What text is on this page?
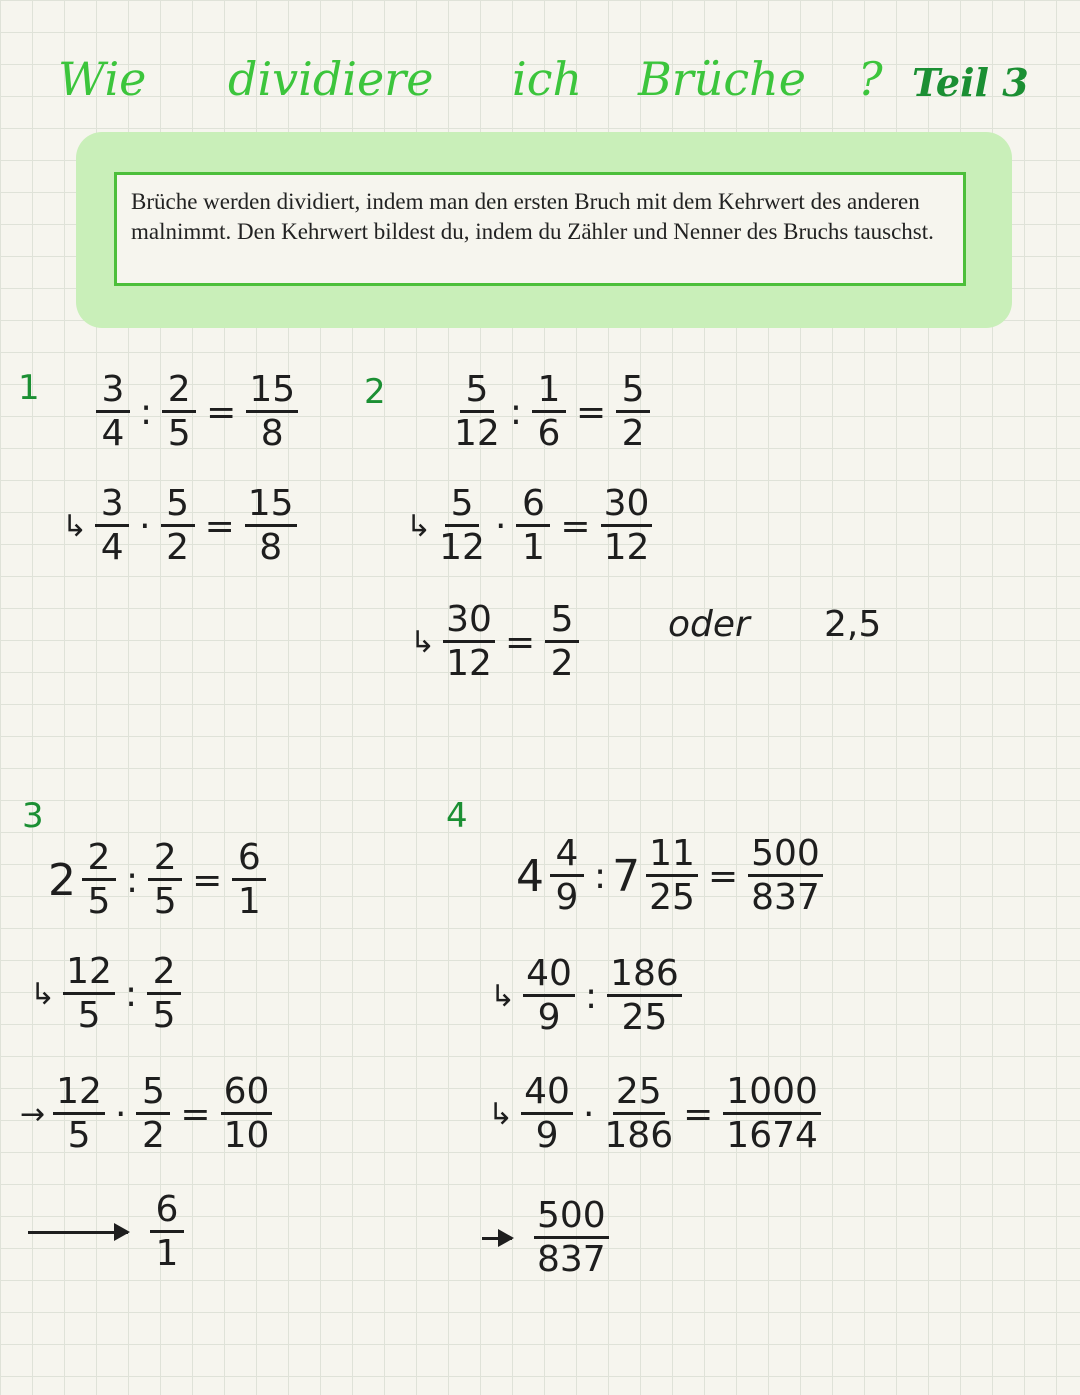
Wie dividiere ich Brüche ? Teil 3
Brüche werden dividiert, indem man den ersten Bruch mit dem Kehrwert des anderen malnimmt. Den Kehrwert bildest du, indem du Zähler und Nenner des Bruchs tauschst.
$1 \frac{3}{4}$ : $\frac{2}{5} = \frac{15}{8}$
↳ $\frac{3}{4} \cdot \frac{5}{2} = \frac{15}{8}$
$2 \frac{5}{12}$ : $\frac{1}{6} = \frac{5}{2}$
↳ $\frac{5}{12} \cdot \frac{6}{1} = \frac{30}{12}$
↳ $\frac{30}{12} = \frac{5}{2}$ oder 2,5
3
$2 \frac{2}{5}$ : $\frac{2}{5} = \frac{6}{1}$
↳ $\frac{12}{5}$ : $\frac{2}{5}$
→ $\frac{12}{5} \cdot \frac{5}{2} = \frac{60}{10}$
$\frac{6}{1}$
4
$4 \frac{4}{9}$ : $7 \frac{11}{25} = \frac{500}{837}$
↳ $\frac{40}{9}$ : $\frac{186}{25}$
↳ $\frac{40}{9} \cdot \frac{25}{186} = \frac{1000}{1674}$
$\frac{500}{837}$
